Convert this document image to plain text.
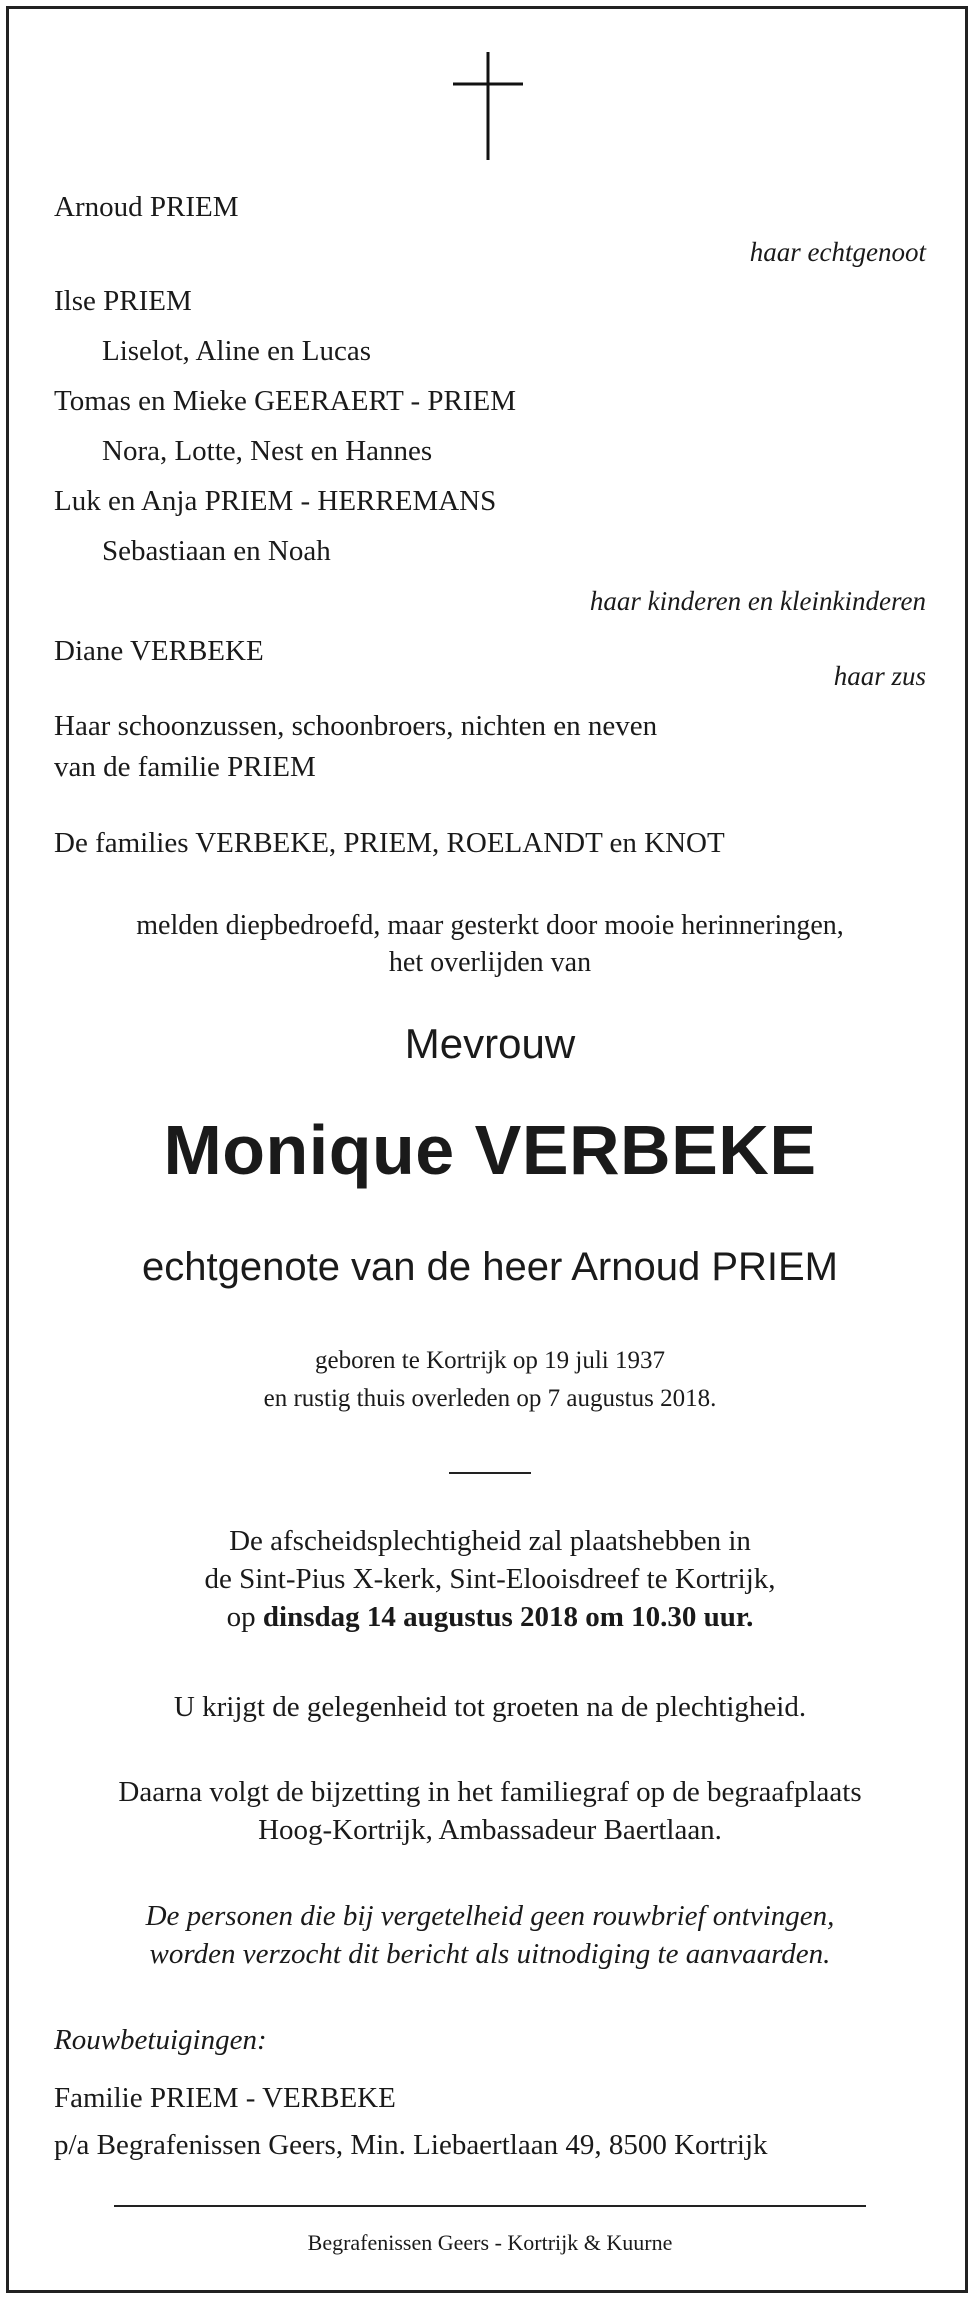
Arnoud PRIEM
haar echtgenoot
Ilse PRIEM
Liselot, Aline en Lucas
Tomas en Mieke GEERAERT - PRIEM
Nora, Lotte, Nest en Hannes
Luk en Anja PRIEM - HERREMANS
Sebastiaan en Noah
haar kinderen en kleinkinderen
Diane VERBEKE
haar zus
Haar schoonzussen, schoonbroers, nichten en neven
van de familie PRIEM
De families VERBEKE, PRIEM, ROELANDT en KNOT
melden diepbedroefd, maar gesterkt door mooie herinneringen,
het overlijden van
Mevrouw
Monique VERBEKE
echtgenote van de heer Arnoud PRIEM
geboren te Kortrijk op 19 juli 1937
en rustig thuis overleden op 7 augustus 2018.
De afscheidsplechtigheid zal plaatshebben in
de Sint-Pius X-kerk, Sint-Elooisdreef te Kortrijk,
op dinsdag 14 augustus 2018 om 10.30 uur.
U krijgt de gelegenheid tot groeten na de plechtigheid.
Daarna volgt de bijzetting in het familiegraf op de begraafplaats
Hoog-Kortrijk, Ambassadeur Baertlaan.
De personen die bij vergetelheid geen rouwbrief ontvingen,
worden verzocht dit bericht als uitnodiging te aanvaarden.
Rouwbetuigingen:
Familie PRIEM - VERBEKE
p/a Begrafenissen Geers, Min. Liebaertlaan 49, 8500 Kortrijk
Begrafenissen Geers - Kortrijk & Kuurne
